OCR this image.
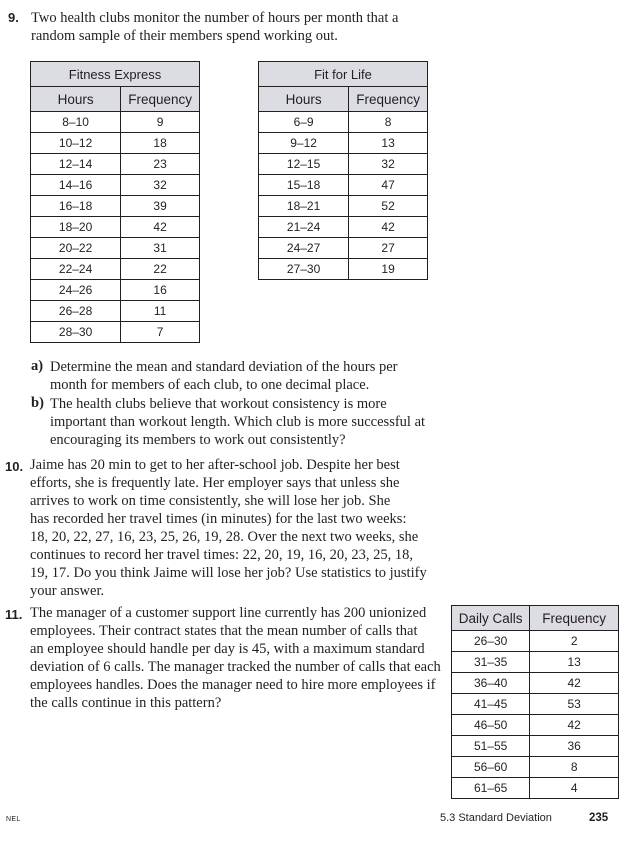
9. Two health clubs monitor the number of hours per month that a
random sample of their members spend working out.
Fitness Express	
Hours	Frequency
8–10	9
10–12	18
12–14	23
14–16	32
16–18	39
18–20	42
20–22	31
22–24	22
24–26	16
26–28	11
28–30	7
Fit for Life	
Hours	Frequency
6–9	8
9–12	13
12–15	32
15–18	47
18–21	52
21–24	42
24–27	27
27–30	19
a) Determine the mean and standard deviation of the hours per
month for members of each club, to one decimal place.
b) The health clubs believe that workout consistency is more
important than workout length. Which club is more successful at
encouraging its members to work out consistently?
10. Jaime has 20 min to get to her after-school job. Despite her best
efforts, she is frequently late. Her employer says that unless she
arrives to work on time consistently, she will lose her job. She
has recorded her travel times (in minutes) for the last two weeks:
18, 20, 22, 27, 16, 23, 25, 26, 19, 28. Over the next two weeks, she
continues to record her travel times: 22, 20, 19, 16, 20, 23, 25, 18,
19, 17. Do you think Jaime will lose her job? Use statistics to justify
your answer.
11. The manager of a customer support line currently has 200 unionized
employees. Their contract states that the mean number of calls that
an employee should handle per day is 45, with a maximum standard
deviation of 6 calls. The manager tracked the number of calls that each
employees handles. Does the manager need to hire more employees if
the calls continue in this pattern?
Daily Calls	Frequency
26–30	2
31–35	13
36–40	42
41–45	53
46–50	42
51–55	36
56–60	8
61–65	4
NEL	5.3 Standard Deviation	235
